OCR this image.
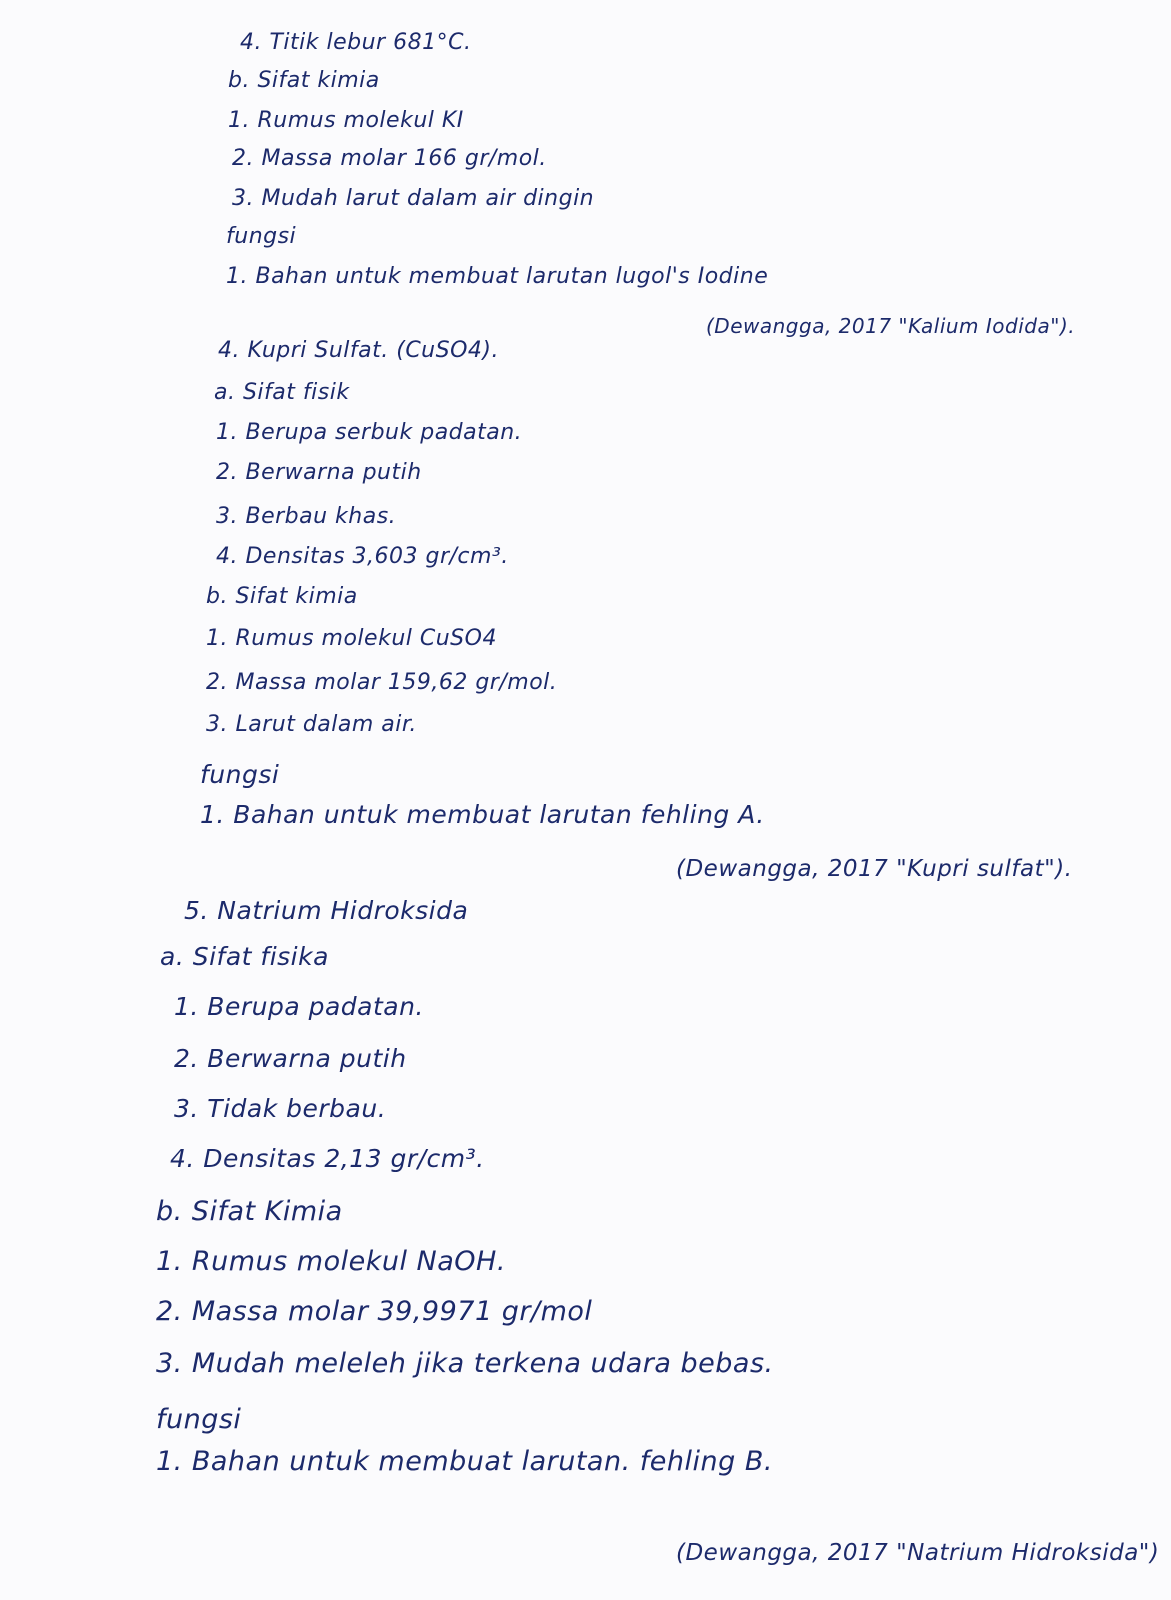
4. Titik lebur 681°C.
b. Sifat kimia
1. Rumus molekul KI
2. Massa molar 166 gr/mol.
3. Mudah larut dalam air dingin
fungsi
1. Bahan untuk membuat larutan lugol's Iodine
(Dewangga, 2017 "Kalium Iodida").
4. Kupri Sulfat. (CuSO4).
a. Sifat fisik
1. Berupa serbuk padatan.
2. Berwarna putih
3. Berbau khas.
4. Densitas 3,603 gr/cm³.
b. Sifat kimia
1. Rumus molekul CuSO4
2. Massa molar 159,62 gr/mol.
3. Larut dalam air.
fungsi
1. Bahan untuk membuat larutan fehling A.
(Dewangga, 2017 "Kupri sulfat").
5. Natrium Hidroksida
a. Sifat fisika
1. Berupa padatan.
2. Berwarna putih
3. Tidak berbau.
4. Densitas 2,13 gr/cm³.
b. Sifat Kimia
1. Rumus molekul NaOH.
2. Massa molar 39,9971 gr/mol
3. Mudah meleleh jika terkena udara bebas.
fungsi
1. Bahan untuk membuat larutan. fehling B.
(Dewangga, 2017 "Natrium Hidroksida")
